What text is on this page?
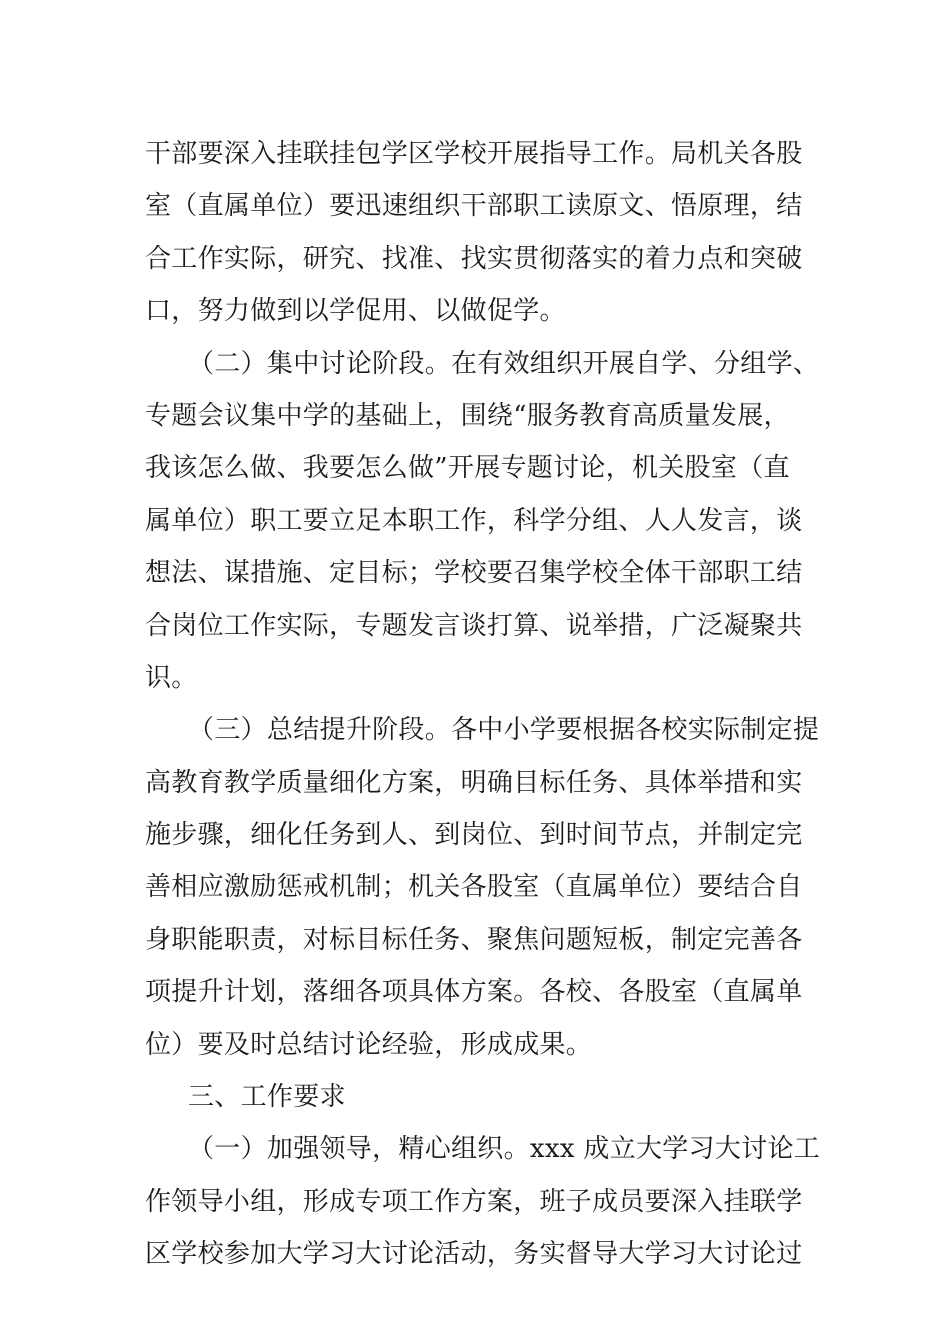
干部要深入挂联挂包学区学校开展指导工作。局机关各股
室（直属单位）要迅速组织干部职工读原文、悟原理，结
合工作实际，研究、找准、找实贯彻落实的着力点和突破
口，努力做到以学促用、以做促学。
（二）集中讨论阶段。在有效组织开展自学、分组学、
专题会议集中学的基础上，围绕“服务教育高质量发展，
我该怎么做、我要怎么做”开展专题讨论，机关股室（直
属单位）职工要立足本职工作，科学分组、人人发言，谈
想法、谋措施、定目标；学校要召集学校全体干部职工结
合岗位工作实际，专题发言谈打算、说举措，广泛凝聚共
识。
（三）总结提升阶段。各中小学要根据各校实际制定提
高教育教学质量细化方案，明确目标任务、具体举措和实
施步骤，细化任务到人、到岗位、到时间节点，并制定完
善相应激励惩戒机制；机关各股室（直属单位）要结合自
身职能职责，对标目标任务、聚焦问题短板，制定完善各
项提升计划，落细各项具体方案。各校、各股室（直属单
位）要及时总结讨论经验，形成成果。
三、工作要求
（一）加强领导，精心组织。xxx 成立大学习大讨论工
作领导小组，形成专项工作方案，班子成员要深入挂联学
区学校参加大学习大讨论活动，务实督导大学习大讨论过
